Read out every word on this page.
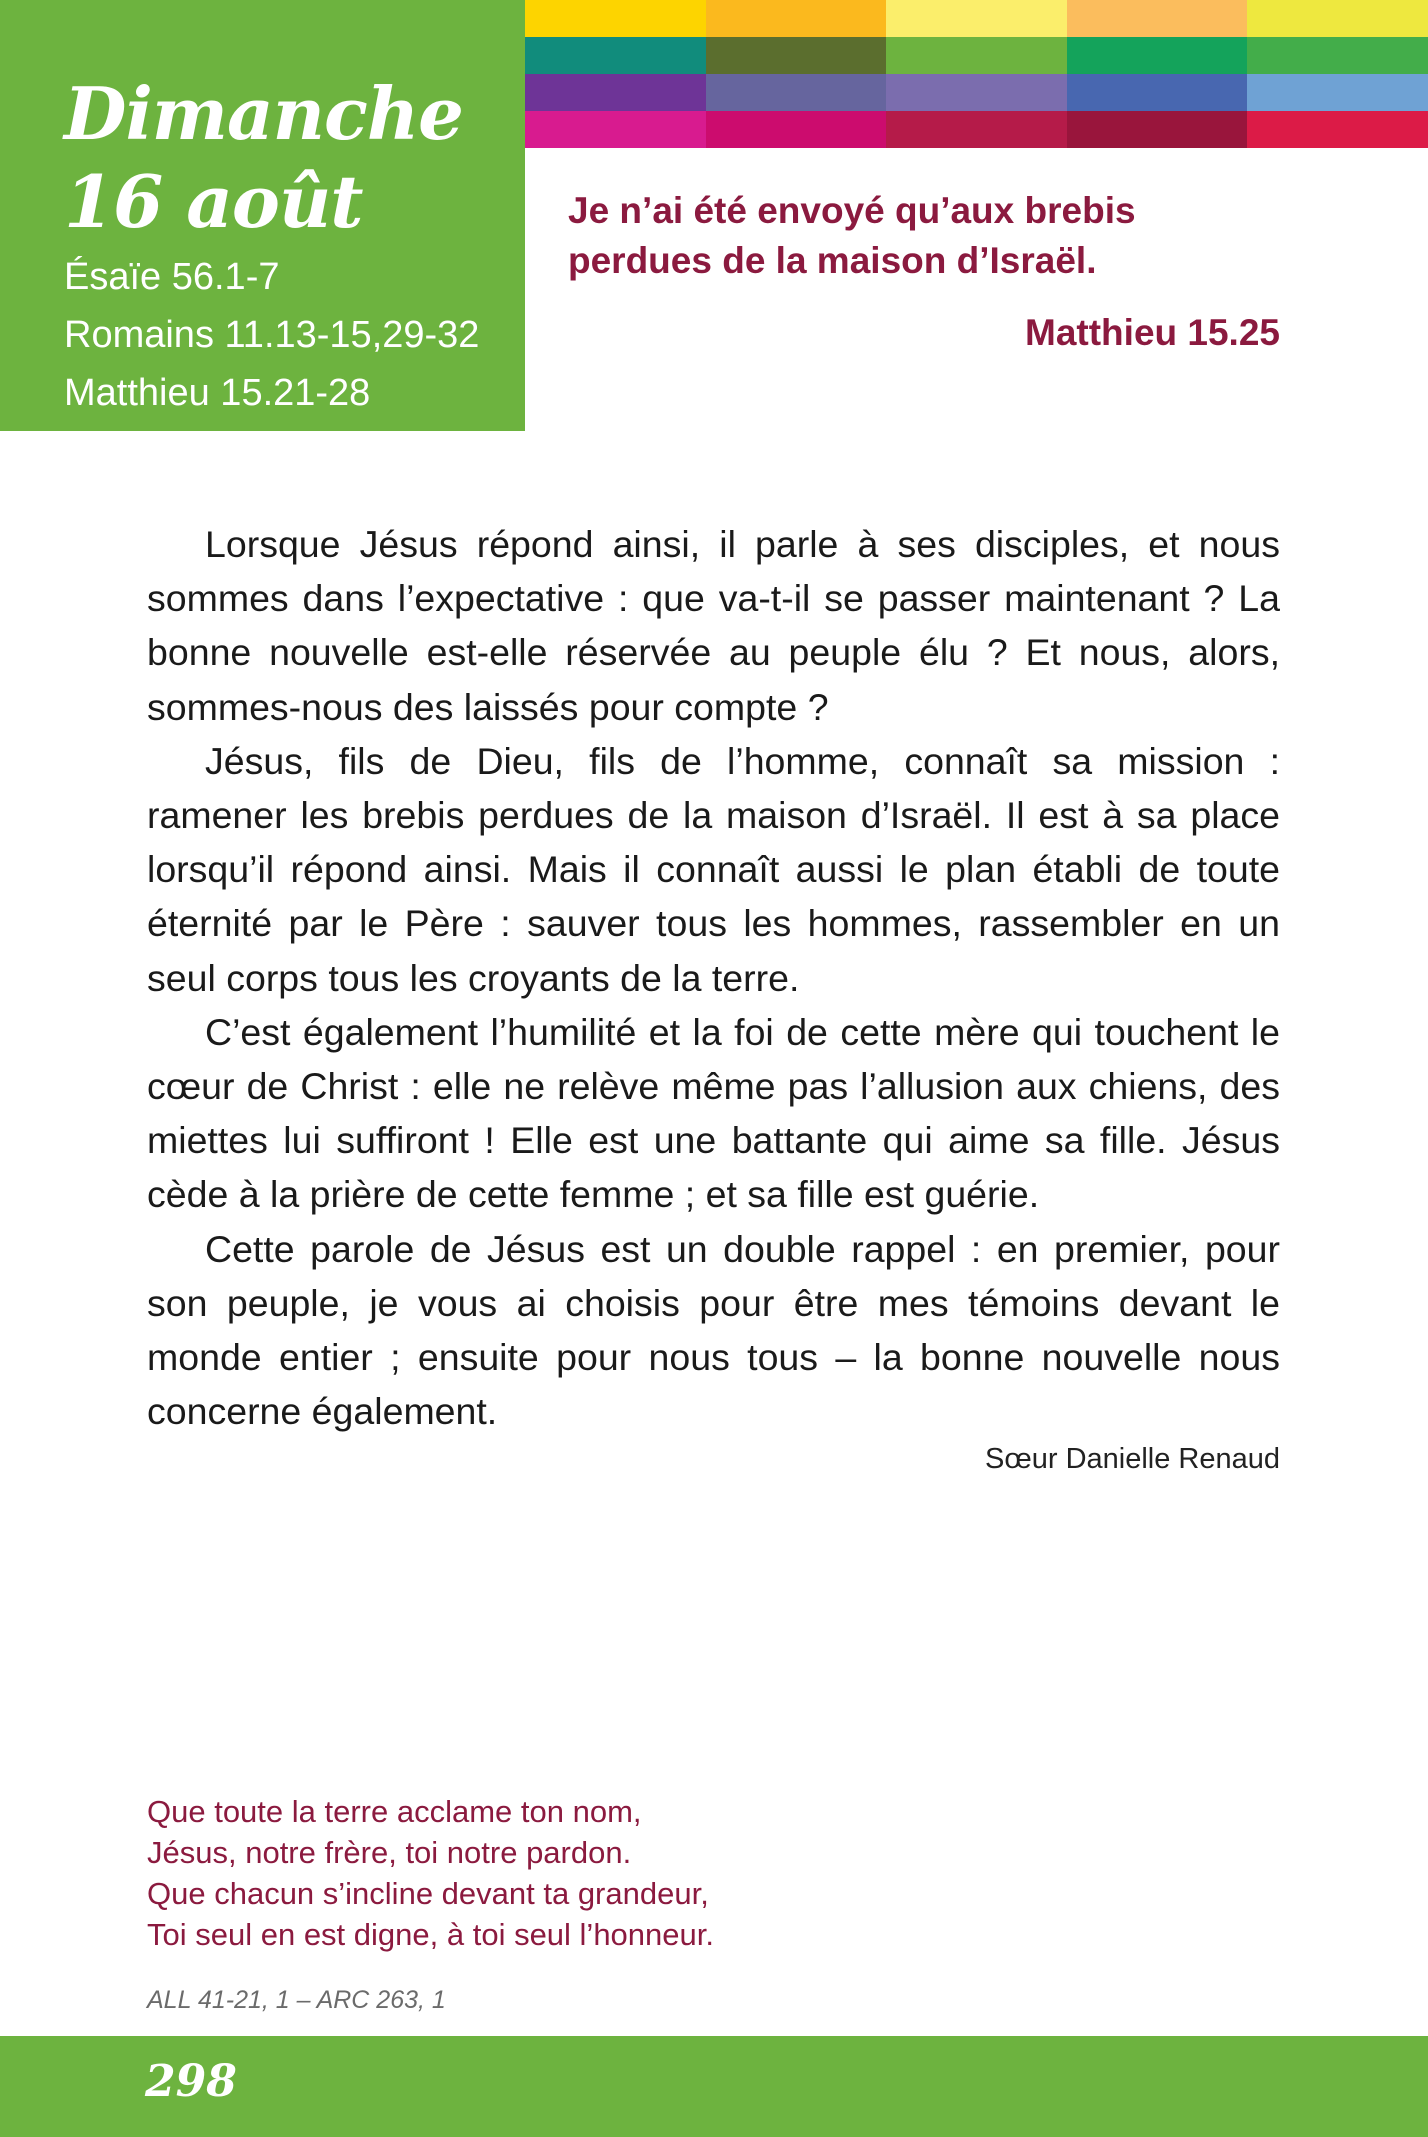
Dimanche
16 août
Ésaïe 56.1-7
Romains 11.13-15,29-32
Matthieu 15.21-28
Je n’ai été envoyé qu’aux brebis
perdues de la maison d’Israël.
Matthieu 15.25

Lorsque Jésus répond ainsi, il parle à ses disciples, et nous sommes dans l’expectative : que va-t-il se passer maintenant ? La bonne nouvelle est-elle réservée au peuple élu ? Et nous, alors, sommes-nous des laissés pour compte ?

Jésus, fils de Dieu, fils de l’homme, connaît sa mission : ramener les brebis perdues de la maison d’Israël. Il est à sa place lorsqu’il répond ainsi. Mais il connaît aussi le plan établi de toute éternité par le Père : sauver tous les hommes, rassembler en un seul corps tous les croyants de la terre.

C’est également l’humilité et la foi de cette mère qui touchent le cœur de Christ : elle ne relève même pas l’allusion aux chiens, des miettes lui suffiront ! Elle est une battante qui aime sa fille. Jésus cède à la prière de cette femme ; et sa fille est guérie.

Cette parole de Jésus est un double rappel : en premier, pour son peuple, je vous ai choisis pour être mes témoins devant le monde entier ; ensuite pour nous tous – la bonne nouvelle nous concerne également.

Sœur Danielle Renaud
Que toute la terre acclame ton nom,
Jésus, notre frère, toi notre pardon.
Que chacun s’incline devant ta grandeur,
Toi seul en est digne, à toi seul l’honneur.
ALL 41-21, 1 – ARC 263, 1
298
